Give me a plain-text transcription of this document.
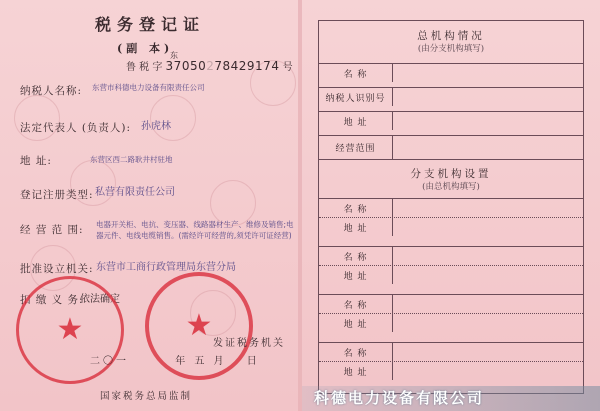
税务登记证
(副 本)
鲁 税 字
东
37050278429174 号
纳税人名称: 东营市科德电力设备有限责任公司
法定代表人 (负责人): 孙虎林
地 址:	东营区西二路耿井村驻地
登记注册类型: 私营有限责任公司
经 营 范 围: 电器开关柜、电抗、变压器、线路器材生产、维修及销售;电器元件、电线电缆销售。(需经许可经营的,须凭许可证经营)
批准设立机关: 东营市工商行政管理局东营分局
扣 缴 义 务:
依法确定
★	★
发证税务机关
二〇一	年 五 月 日
国家税务总局监制
总机构情况
(由分支机构填写)
名 称
纳税人识别号
地 址
经营范围
分支机构设置
(由总机构填写)
名 称
地 址
名 称
地 址
名 称
地 址
名 称
地 址
科德电力设备有限公司
